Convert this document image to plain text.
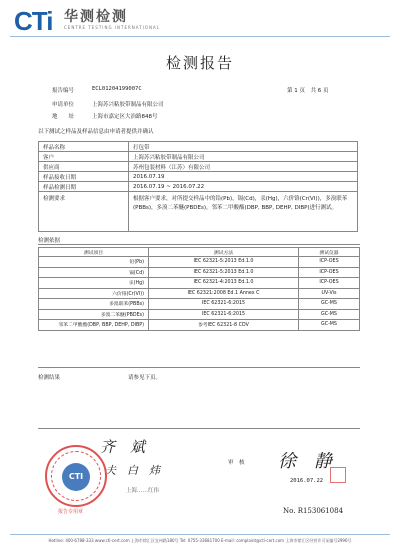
CTi 华测检测
CENTRE TESTING INTERNATIONAL
检测报告
报告编号	ECL01204199007C	第 1 页　共 6 页
申请单位	上海苏兴粘胶带制品有限公司
地　　址	上海市嘉定区大治路848号
以下测试之样品及样品信息由申请者提供并确认
样品名称	打包带
客户	上海苏兴粘胶带制品有限公司
供应商	苏州包装材料（江苏）有限公司
样品接收日期	2016.07.19
样品检测日期	2016.07.19 ~ 2016.07.22
检测要求	根据客户要求，对所提交样品中的铅(Pb)，镉(Cd)，汞(Hg)，六价铬(Cr(VI))，多溴联苯(PBBs)，多溴二苯醚(PBDEs)，邻苯二甲酸酯(DBP, BBP, DEHP, DIBP)进行测试。
检测依据
测试项目	测试方法	测试仪器
铅(Pb)	IEC 62321-5:2013 Ed.1.0	ICP-OES
镉(Cd)	IEC 62321-5:2013 Ed.1.0	ICP-OES
汞(Hg)	IEC 62321-4:2013 Ed.1.0	ICP-OES
六价铬(Cr(VI))	IEC 62321:2008 Ed.1 Annex C	UV-Vis
多溴联苯(PBBs)	IEC 62321-6:2015	GC-MS
多溴二苯醚(PBDEs)	IEC 62321-6:2015	GC-MS
邻苯二甲酸酯(DBP, BBP, DEHP, DIBP)	参考IEC 62321-8 CDV	GC-MS
检测结果	请参见下页。
齐　斌
夫　白　炜
上海……红伟
审　核 徐　静
2016.07.22
No. R153061084
CTI
报告专用章
Hotline: 400-6788-333 www.cti-cert.com 上海市徐汇区宜州路180号 Tel: 0755-33681700 E-mail: complaint@cti-cert.com 上海市徐汇区经营许可证编号2996号
